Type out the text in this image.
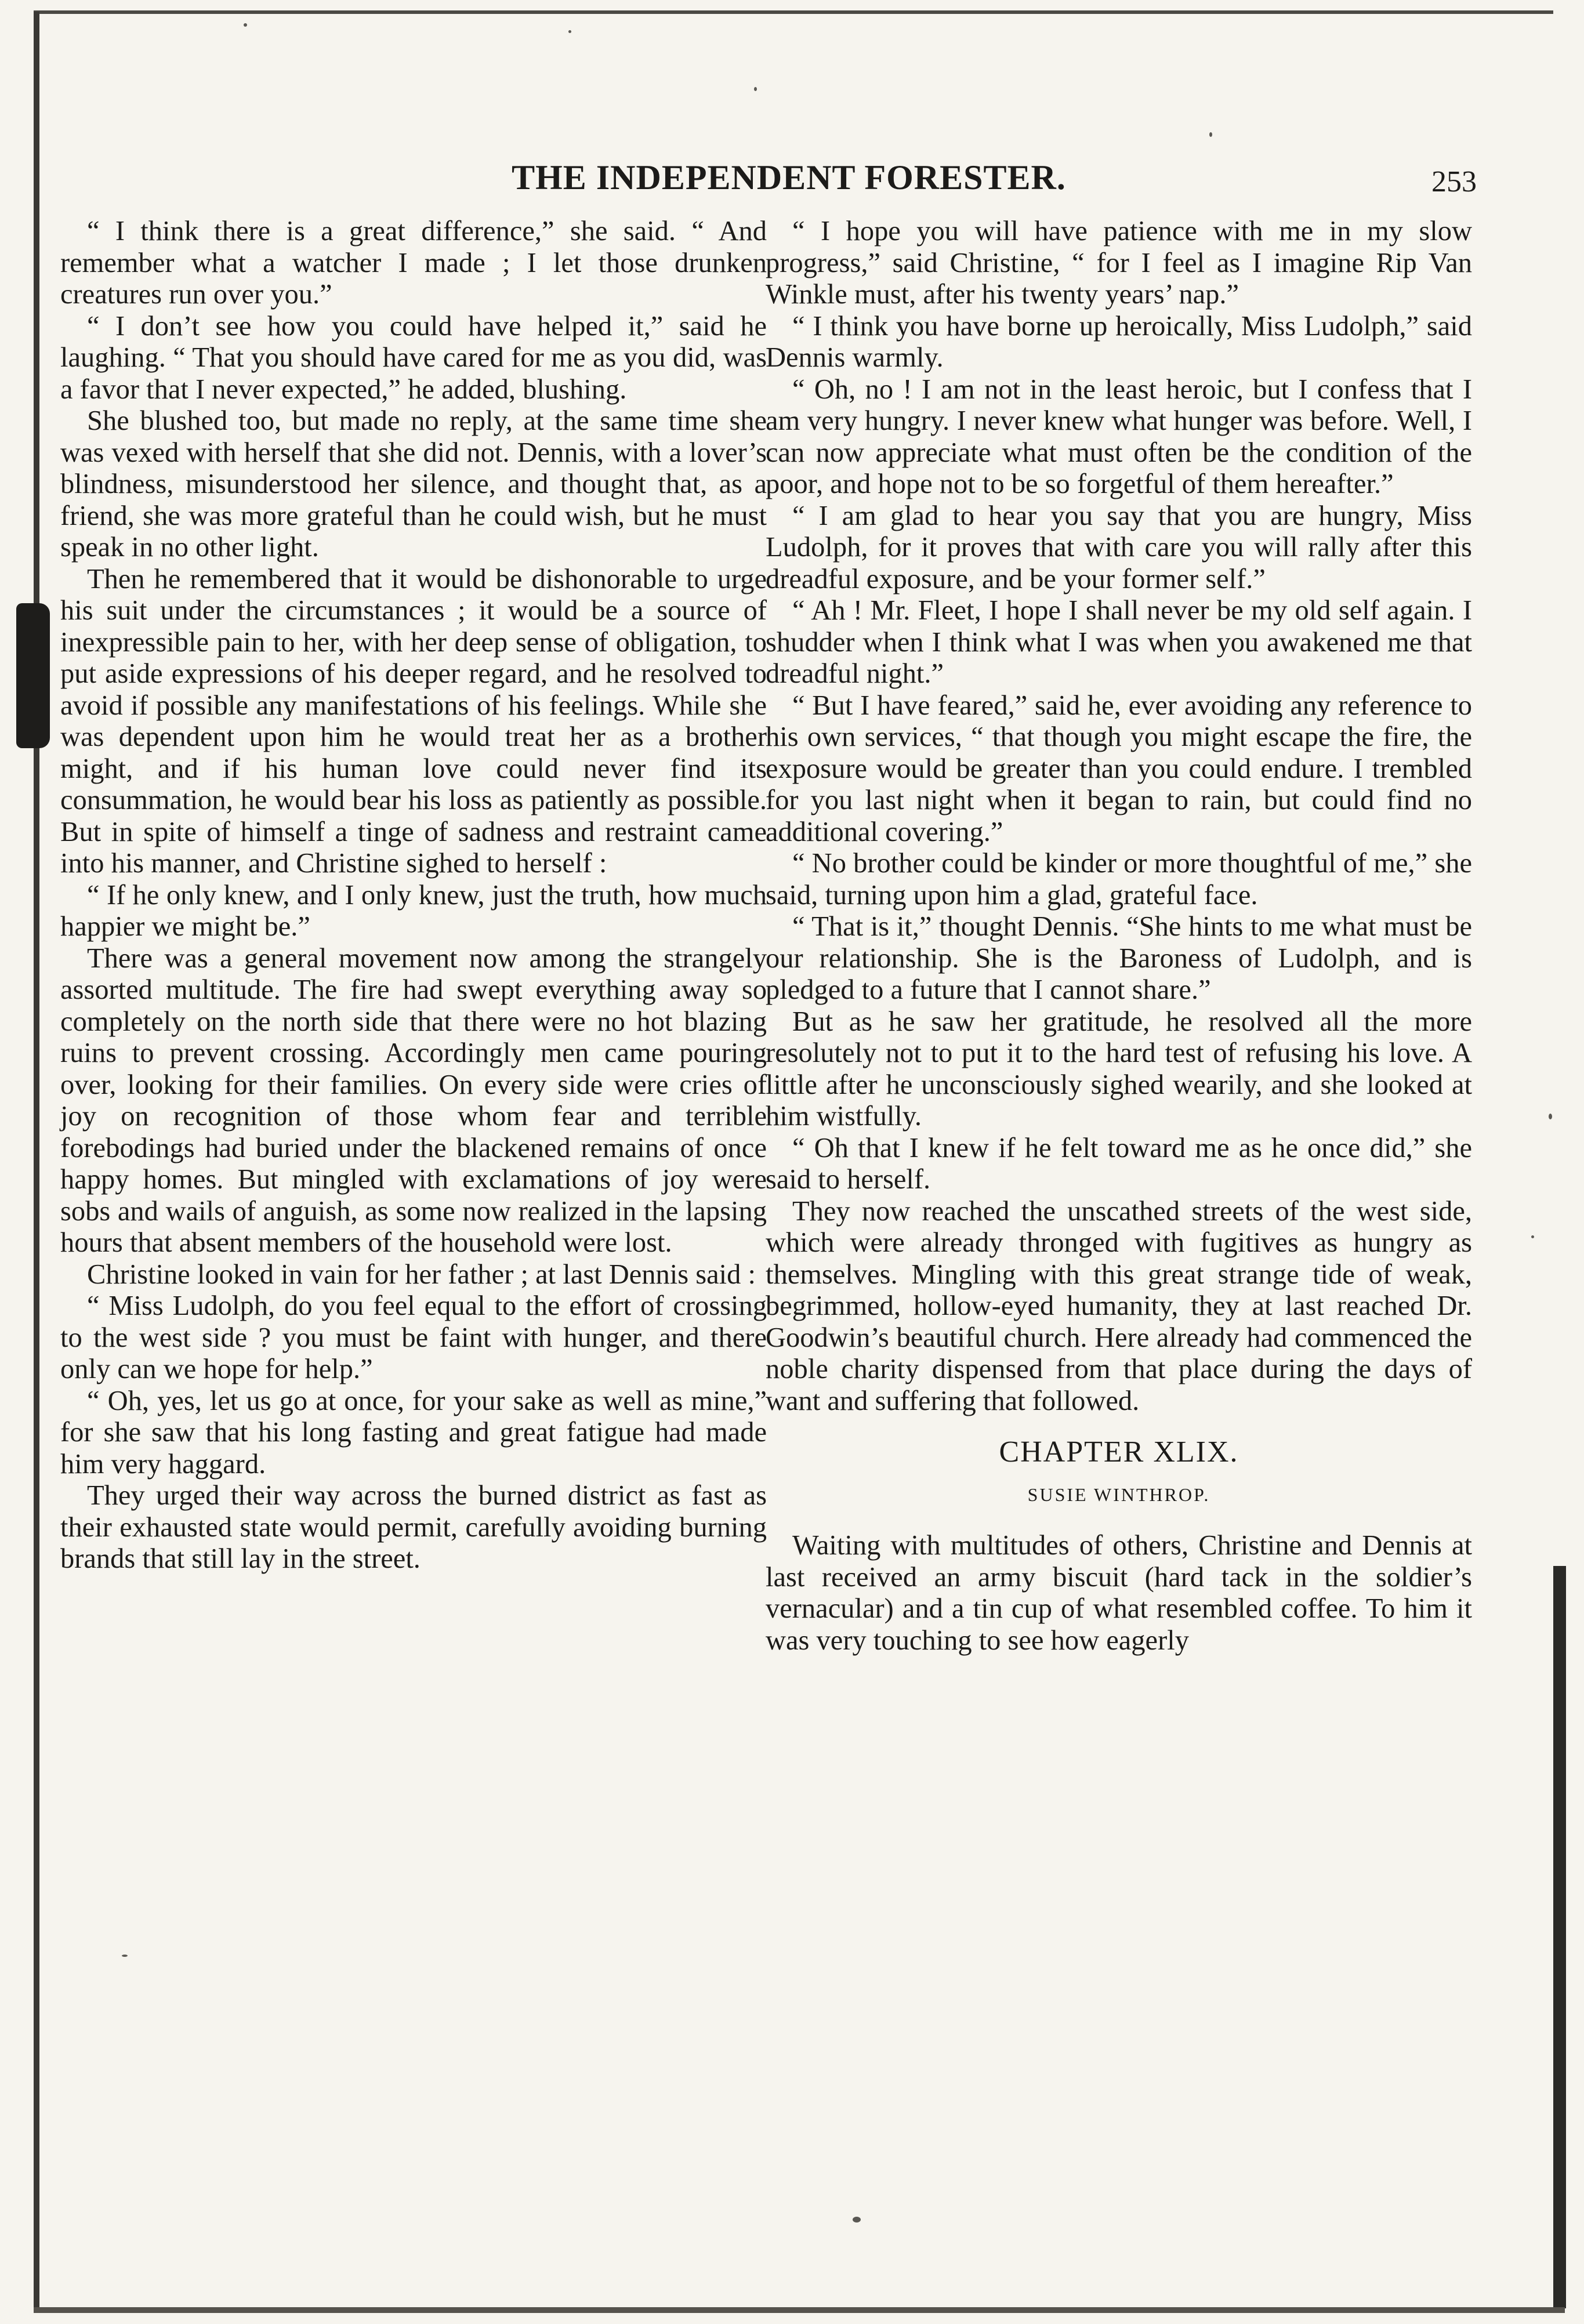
THE INDEPENDENT FORESTER.	253

“ I think there is a great difference,” she said. “ And remember what a watcher I made ; I let those drunken creatures run over you.”

“ I don’t see how you could have helped it,” said he laughing. “ That you should have cared for me as you did, was a favor that I never expected,” he added, blushing.

She blushed too, but made no reply, at the same time she was vexed with herself that she did not. Dennis, with a lover’s blindness, misunderstood her silence, and thought that, as a friend, she was more grateful than he could wish, but he must speak in no other light.

Then he remembered that it would be dishonorable to urge his suit under the circumstances ; it would be a source of inexpressible pain to her, with her deep sense of obligation, to put aside expressions of his deeper regard, and he resolved to avoid if possible any manifestations of his feelings. While she was dependent upon him he would treat her as a brother might, and if his human love could never find its consummation, he would bear his loss as patiently as possible. But in spite of himself a tinge of sadness and restraint came into his manner, and Christine sighed to herself :

“ If he only knew, and I only knew, just the truth, how much happier we might be.”

There was a general movement now among the strangely assorted multitude. The fire had swept everything away so completely on the north side that there were no hot blazing ruins to prevent crossing. Accordingly men came pouring over, looking for their families. On every side were cries of joy on recognition of those whom fear and terrible forebodings had buried under the blackened remains of once happy homes. But mingled with exclamations of joy were sobs and wails of anguish, as some now realized in the lapsing hours that absent members of the household were lost.

Christine looked in vain for her father ; at last Dennis said :

“ Miss Ludolph, do you feel equal to the effort of crossing to the west side ? you must be faint with hunger, and there only can we hope for help.”

“ Oh, yes, let us go at once, for your sake as well as mine,” for she saw that his long fasting and great fatigue had made him very haggard.

They urged their way across the burned district as fast as their exhausted state would permit, carefully avoiding burning brands that still lay in the street.

“ I hope you will have patience with me in my slow progress,” said Christine, “ for I feel as I imagine Rip Van Winkle must, after his twenty years’ nap.”

“ I think you have borne up heroically, Miss Ludolph,” said Dennis warmly.

“ Oh, no ! I am not in the least heroic, but I confess that I am very hungry. I never knew what hunger was before. Well, I can now appreciate what must often be the condition of the poor, and hope not to be so forgetful of them hereafter.”

“ I am glad to hear you say that you are hungry, Miss Ludolph, for it proves that with care you will rally after this dreadful exposure, and be your former self.”

“ Ah ! Mr. Fleet, I hope I shall never be my old self again. I shudder when I think what I was when you awakened me that dreadful night.”

“ But I have feared,” said he, ever avoiding any reference to his own services, “ that though you might escape the fire, the exposure would be greater than you could endure. I trembled for you last night when it began to rain, but could find no additional covering.”

“ No brother could be kinder or more thoughtful of me,” she said, turning upon him a glad, grateful face.

“ That is it,” thought Dennis. “She hints to me what must be our relationship. She is the Baroness of Ludolph, and is pledged to a future that I cannot share.”

But as he saw her gratitude, he resolved all the more resolutely not to put it to the hard test of refusing his love. A little after he unconsciously sighed wearily, and she looked at him wistfully.

“ Oh that I knew if he felt toward me as he once did,” she said to herself.

They now reached the unscathed streets of the west side, which were already thronged with fugitives as hungry as themselves. Mingling with this great strange tide of weak, begrimmed, hollow-eyed humanity, they at last reached Dr. Goodwin’s beautiful church. Here already had commenced the noble charity dispensed from that place during the days of want and suffering that followed.

CHAPTER XLIX.
SUSIE WINTHROP.

Waiting with multitudes of others, Christine and Dennis at last received an army biscuit (hard tack in the soldier’s vernacular) and a tin cup of what resembled coffee. To him it was very touching to see how eagerly
